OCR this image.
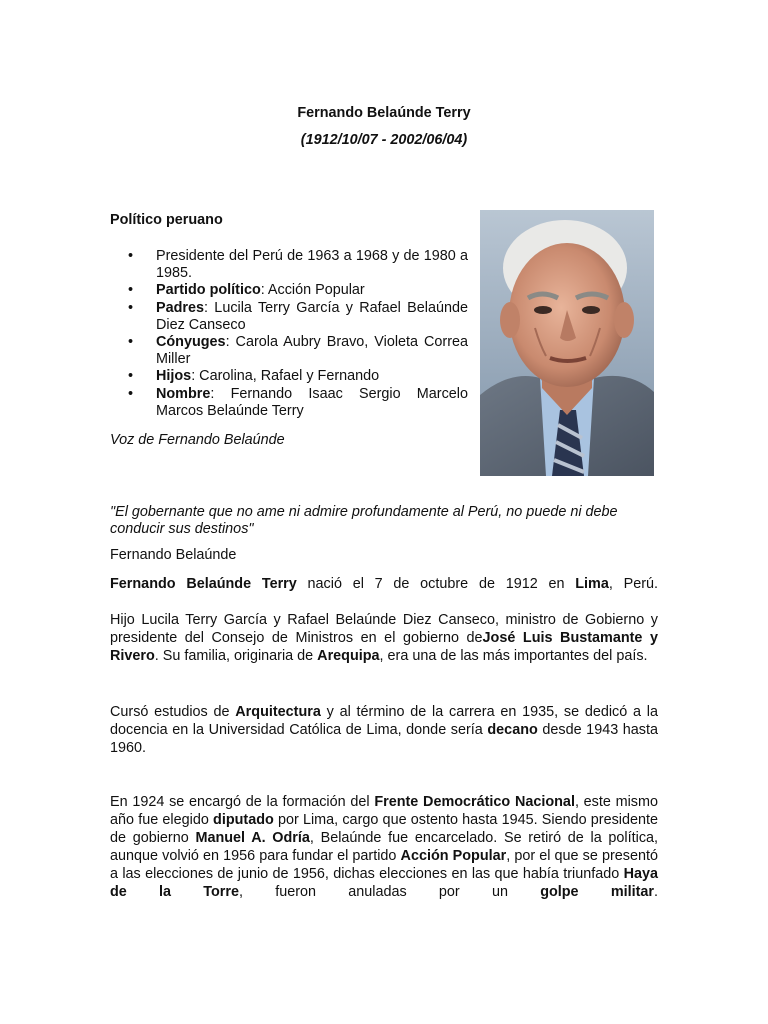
Fernando Belaúnde Terry
(1912/10/07 - 2002/06/04)
Político peruano
• Presidente del Perú de 1963 a 1968 y de 1980 a 1985.
• Partido político: Acción Popular
• Padres: Lucila Terry García y Rafael Belaúnde Diez Canseco
• Cónyuges: Carola Aubry Bravo, Violeta Correa Miller
• Hijos: Carolina, Rafael y Fernando
• Nombre: Fernando Isaac Sergio Marcelo Marcos Belaúnde Terry
Voz de Fernando Belaúnde
"El gobernante que no ame ni admire profundamente al Perú, no puede ni debe conducir sus destinos"
Fernando Belaúnde
Fernando Belaúnde Terry nació el 7 de octubre de 1912 en Lima, Perú.
Hijo Lucila Terry García y Rafael Belaúnde Diez Canseco, ministro de Gobierno y presidente del Consejo de Ministros en el gobierno deJosé Luis Bustamante y Rivero. Su familia, originaria de Arequipa, era una de las más importantes del país.
Cursó estudios de Arquitectura y al término de la carrera en 1935, se dedicó a la docencia en la Universidad Católica de Lima, donde sería decano desde 1943 hasta 1960.
En 1924 se encargó de la formación del Frente Democrático Nacional, este mismo año fue elegido diputado por Lima, cargo que ostento hasta 1945. Siendo presidente de gobierno Manuel A. Odría, Belaúnde fue encarcelado. Se retiró de la política, aunque volvió en 1956 para fundar el partido Acción Popular, por el que se presentó a las elecciones de junio de 1956, dichas elecciones en las que había triunfado Haya de la Torre, fueron anuladas por un golpe militar.
